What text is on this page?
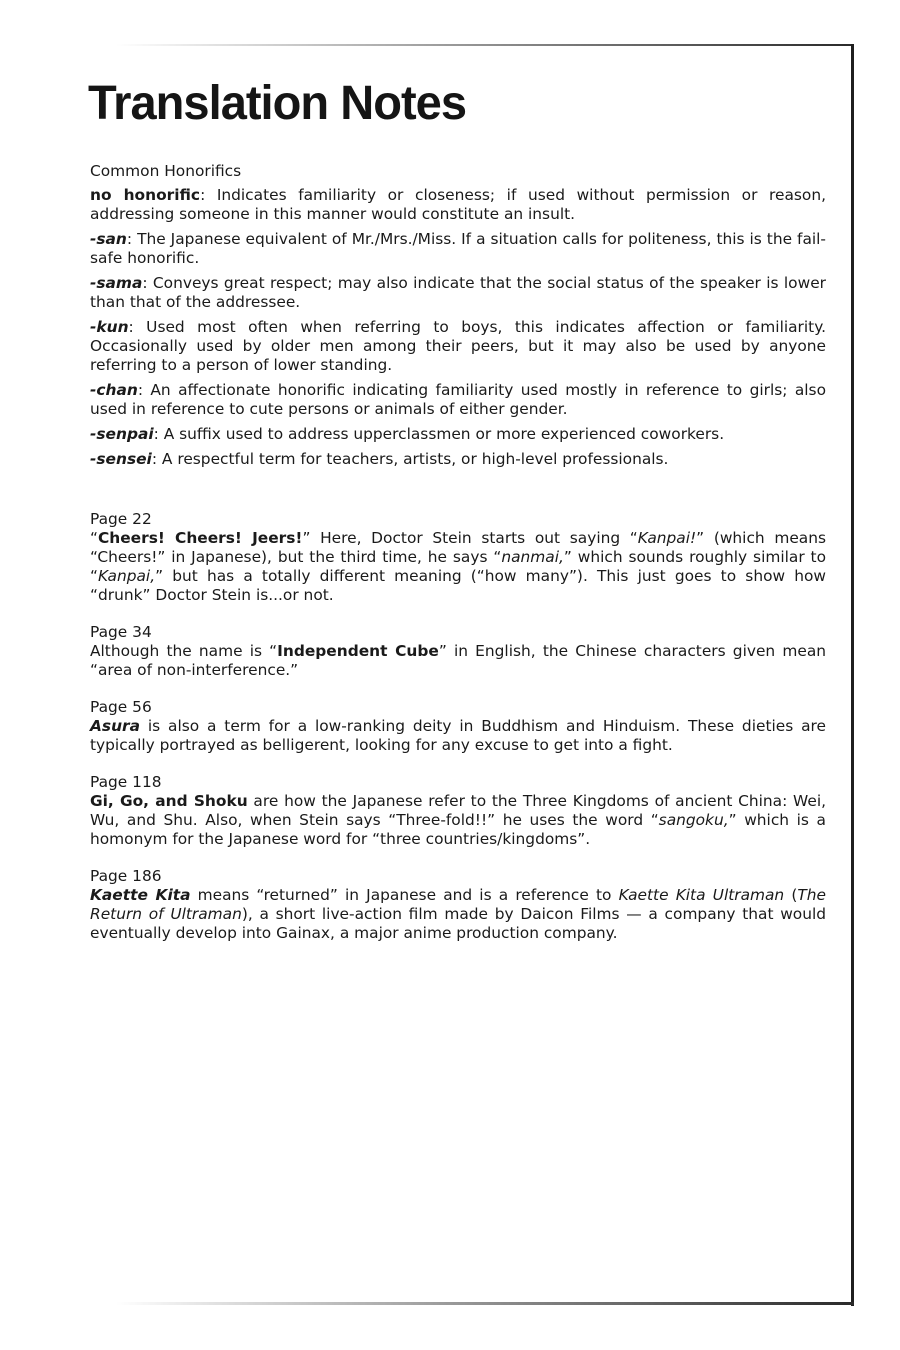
Translation Notes

Common Honorifics

no honorific: Indicates familiarity or closeness; if used without permission or reason, addressing someone in this manner would constitute an insult.

-san: The Japanese equivalent of Mr./Mrs./Miss. If a situation calls for politeness, this is the fail-safe honorific.

-sama: Conveys great respect; may also indicate that the social status of the speaker is lower than that of the addressee.

-kun: Used most often when referring to boys, this indicates affection or familiarity. Occasionally used by older men among their peers, but it may also be used by anyone referring to a person of lower standing.

-chan: An affectionate honorific indicating familiarity used mostly in reference to girls; also used in reference to cute persons or animals of either gender.

-senpai: A suffix used to address upperclassmen or more experienced coworkers.

-sensei: A respectful term for teachers, artists, or high-level professionals.

Page 22

“Cheers! Cheers! Jeers!” Here, Doctor Stein starts out saying “Kanpai!” (which means “Cheers!” in Japanese), but the third time, he says “nanmai,” which sounds roughly similar to “Kanpai,” but has a totally different meaning (“how many”). This just goes to show how “drunk” Doctor Stein is...or not.

Page 34

Although the name is “Independent Cube” in English, the Chinese characters given mean “area of non-interference.”

Page 56

Asura is also a term for a low-ranking deity in Buddhism and Hinduism. These dieties are typically portrayed as belligerent, looking for any excuse to get into a fight.

Page 118

Gi, Go, and Shoku are how the Japanese refer to the Three Kingdoms of ancient China: Wei, Wu, and Shu. Also, when Stein says “Three-fold!!” he uses the word “sangoku,” which is a homonym for the Japanese word for “three countries/kingdoms”.

Page 186

Kaette Kita means “returned” in Japanese and is a reference to Kaette Kita Ultraman (The Return of Ultraman), a short live-action film made by Daicon Films — a company that would eventually develop into Gainax, a major anime production company.
